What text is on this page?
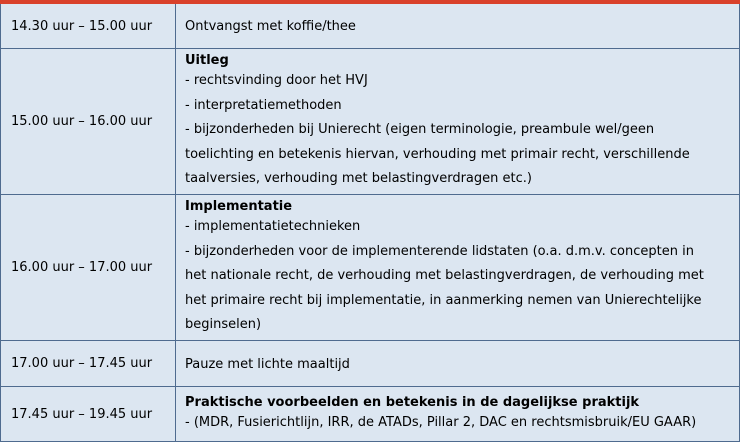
14.30 uur – 15.00 uur	Ontvangst met koffie/thee
15.00 uur – 16.00 uur
Uitleg
- rechtsvinding door het HVJ
- interpretatiemethoden
- bijzonderheden bij Unierecht (eigen terminologie, preambule wel/geen
toelichting en betekenis hiervan, verhouding met primair recht, verschillende
taalversies, verhouding met belastingverdragen etc.)
16.00 uur – 17.00 uur
Implementatie
- implementatietechnieken
- bijzonderheden voor de implementerende lidstaten (o.a. d.m.v. concepten in
het nationale recht, de verhouding met belastingverdragen, de verhouding met
het primaire recht bij implementatie, in aanmerking nemen van Unierechtelijke
beginselen)
17.00 uur – 17.45 uur	Pauze met lichte maaltijd
17.45 uur – 19.45 uur
Praktische voorbeelden en betekenis in de dagelijkse praktijk
- (MDR, Fusierichtlijn, IRR, de ATADs, Pillar 2, DAC en rechtsmisbruik/EU GAAR)
